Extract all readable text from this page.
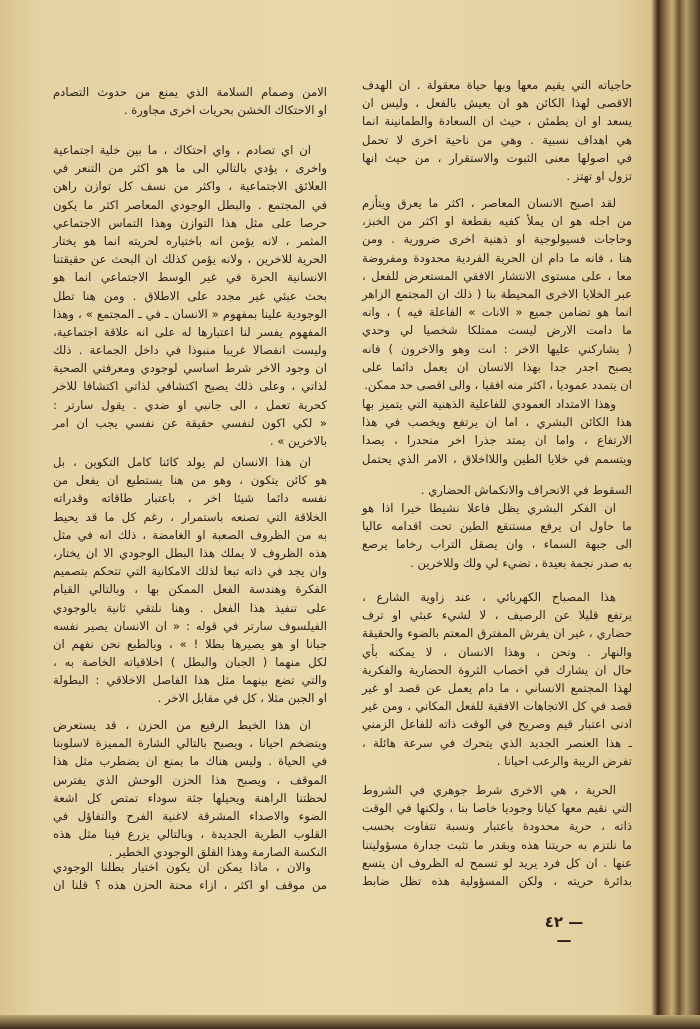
حاجياته التي يقيم معها وبها حياة معقولة . ان الهدف
الاقصى لهذا الكائن هو ان يعيش بالفعل ، وليس ان
يسعد او ان يطمئن ، حيث ان السعادة والطمانينة انما
هي اهداف نسبية . وهي من ناحية اخرى لا تحمل
في اصولها معنى الثبوت والاستقرار ، من حيث انها
تزول او تهتز .
لقد اصبح الانسان المعاصر ، اكثر ما يعرق ويتأزم
من اجله هو ان يملأ كفيه بقطعة او اكثر من الخبز،
وحاجات فسيولوجية او ذهنية اخرى ضرورية . ومن
هنا ، فانه ما دام ان الحرية الفردية محدودة ومفروضة
معا ، على مستوى الانتشار الافقي المستعرض للفعل ،
عبر الخلايا الاخرى المحيطة بنا ( ذلك ان المجتمع الزاهر
انما هو تضامن جميع « الانات » الفاعلة فيه ) ، وانه
ما دامت الارض ليست ممتلكا شخصيا لي وحدي
( يشاركني عليها الاخر : انت وهو والاخرون ) فانه
يصبح اجدر جدا بهذا الانسان ان يعمل دائما على
ان يتمدد عموديا ، اكثر منه افقيا ، والى اقصى حد ممكن.
وهذا الامتداد العمودي للفاعلية الذهنية التي يتميز بها
هذا الكائن البشري ، اما ان يرتفع ويخصب في هذا
الارتفاع ، واما ان يمتد جذرا اخر منحدرا ، يصدا
ويتسمم في خلايا الطين واللااخلاق ، الامر الذي يحتمل
السقوط في الانحراف والانكماش الحضاري .
ان الفكر البشري يظل فاعلا نشيطا خيرا اذا هو
ما حاول ان يرفع مستنقع الطين تحت اقدامه عاليا
الى جبهة السماء ، وان يصقل التراب رخاما يرصع
به صدر نجمة بعيدة ، تضيء لي ولك وللاخرين .
هذا المصباح الكهربائي ، عند زاوية الشارع ،
يرتفع قليلا عن الرصيف ، لا لشيء عبثي او ترف
حضاري ، غير ان يفرش المفترق المعتم بالضوء والحقيقة
والنهار . ونحن ، وهذا الانسان ، لا يمكنه بأي
حال ان يشارك في اخصاب الثروة الحضارية والفكرية
لهذا المجتمع الانساني ، ما دام يعمل عن قصد او غير
قصد في كل الاتجاهات الافقية للفعل المكاني ، ومن غير
ادنى اعتبار قيم وصريح في الوقت ذاته للفاعل الزمني
ـ هذا العنصر الجديد الذي يتحرك في سرعة هائلة ،
تفرض الريبة والرعب احيانا .
الحرية ، هي الاخرى شرط جوهري في الشروط
التي نقيم معها كيانا وجوديا خاصا بنا ، ولكنها في الوقت
ذاته ، حرية محدودة باعتبار ونسبة تتفاوت بحسب
ما نلتزم به حريتنا هذه وبقدر ما تثبت جدارة مسؤوليتنا
عنها . ان كل فرد يريد لو تسمح له الظروف ان يتسع
بدائرة حريته ، ولكن المسؤولية هذه تظل ضابط
الامن وصمام السلامة الذي يمنع من حدوث التصادم
او الاحتكاك الخشن بحريات اخرى مجاورة .
ان اي تصادم ، واي احتكاك ، ما بين خلية اجتماعية
واخرى ، يؤدي بالتالي الى ما هو اكثر من التنعر في
العلائق الاجتماعية ، واكثر من نسف كل توازن راهن
في المجتمع . والبطل الوجودي المعاصر اكثر ما يكون
حرصا على مثل هذا التوازن وهذا التماس الاجتماعي
المثمر ، لانه يؤمن انه باختياره لحريته انما هو يختار
الحرية للاخرين ، ولانه يؤمن كذلك ان البحث عن حقيقتنا
الانسانية الحرة في غير الوسط الاجتماعي انما هو
بحث عبثي غير مجدد على الاطلاق . ومن هنا تطل
الوجودية علينا بمفهوم « الانسان ـ في ـ المجتمع » ، وهذا
المفهوم يفسر لنا اعتبارها له على انه علاقة اجتماعية،
وليست انفصالا غريبا منبوذا في داخل الجماعة . ذلك
ان وجود الاخر شرط اساسي لوجودي ومعرفتي الصحية
لذاتي ، وعلى ذلك يصبح اكتشافي لذاتي اكتشافا للاخر
كحرية تعمل ، الى جانبي او ضدي . يقول سارتر :
« لكي اكون لنفسي حقيقة عن نفسي يجب ان امر
بالاخرين » .
ان هذا الانسان لم يولد كائنا كامل التكوين ، بل
هو كائن يتكون ، وهو من هنا يستطيع ان يفعل من
نفسه دائما شيئا اخر ، باعتبار طاقاته وقدراته
الخلاقة التي تصنعه باستمرار ، رغم كل ما قد يحيط
به من الظروف الصعبة او الغامضة ، ذلك انه في مثل
هذه الظروف لا يملك هذا البطل الوجودي الا ان يختار،
وان يجد في ذاته تبعا لذلك الامكانية التي تتحكم بتصميم
الفكرة وهندسة الفعل الممكن بها ، وبالتالي القيام
على تنفيذ هذا الفعل . وهنا نلتقي ثانية بالوجودي
الفيلسوف سارتر في قوله : « ان الانسان يصير نفسه
جبانا او هو يصيرها بطلا ! » ، وبالطبع نحن نفهم ان
لكل منهما ( الجبان والبطل ) اخلاقياته الخاصة به ،
والتي تضع بينهما مثل هذا الفاصل الاخلاقي : البطولة
او الجبن مثلا ، كل في مقابل الاخر .
ان هذا الخيط الرفيع من الحزن ، قد يستعرض
ويتضخم احيانا ، ويصبح بالتالي الشارة المميزة لاسلوبنا
في الحياة . وليس هناك ما يمنع ان يضطرب مثل هذا
الموقف ، ويصبح هذا الحزن الوحش الذي يفترس
لحظتنا الراهنة ويحيلها جثة سوداء تمتص كل اشعة
الضوء والاصداء المشرقة لاغنية الفرح والتفاؤل في
القلوب الطرية الجديدة ، وبالتالي يزرع فينا مثل هذه
النكسة الصارمة وهذا القلق الوجودي الخطير .
والان ، ماذا يمكن ان يكون اختيار بطلنا الوجودي
من موقف او اكثر ، ازاء محنة الحزن هذه ؟ قلنا ان
— ٤٢ —
